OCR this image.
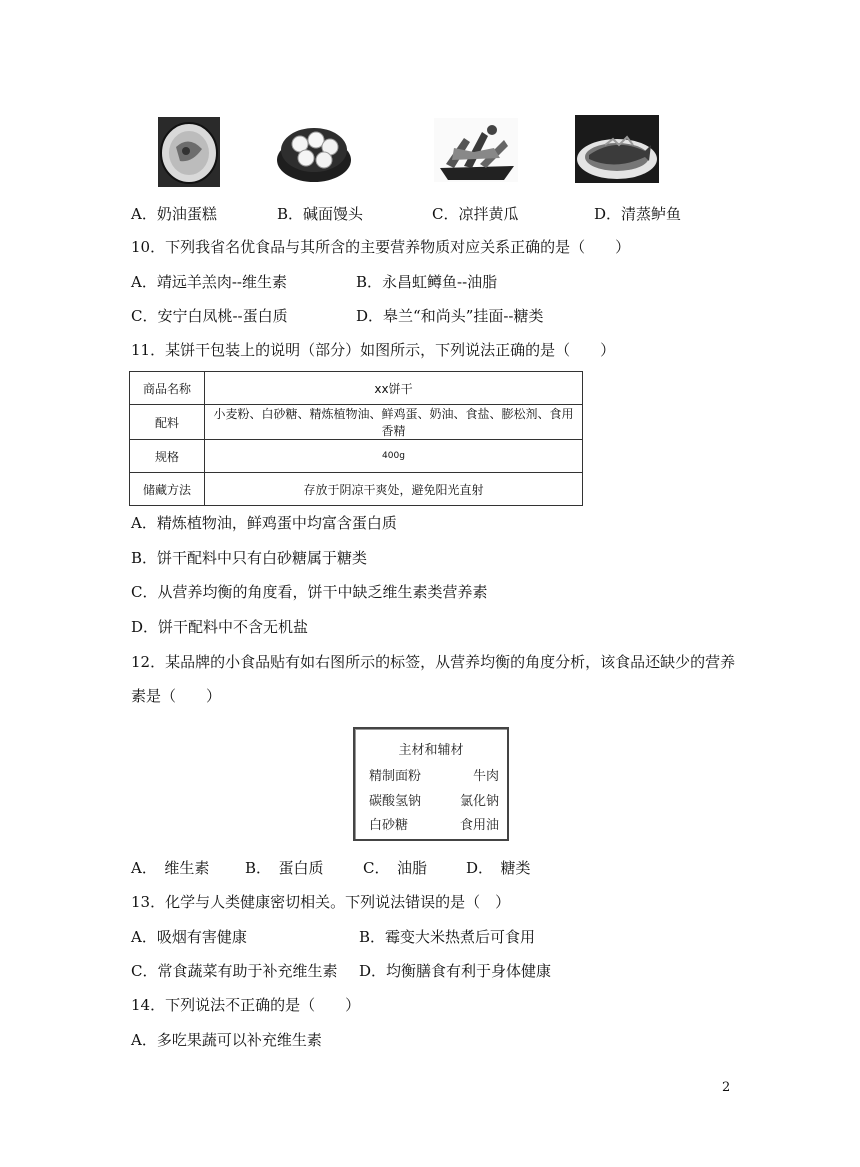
A．奶油蛋糕	B．碱面馒头	C．凉拌黄瓜	D．清蒸鲈鱼
10．下列我省名优食品与其所含的主要营养物质对应关系正确的是（　　）
A．靖远羊羔肉--维生素	B．永昌虹鳟鱼--油脂
C．安宁白凤桃--蛋白质	D．皋兰“和尚头”挂面--糖类
11．某饼干包装上的说明（部分）如图所示，下列说法正确的是（　　）
商品名称	xx饼干
配料	小麦粉、白砂糖、精炼植物油、鲜鸡蛋、奶油、食盐、膨松剂、食用香精
规格	400g
储藏方法	存放于阴凉干爽处，避免阳光直射
A．精炼植物油，鲜鸡蛋中均富含蛋白质
B．饼干配料中只有白砂糖属于糖类
C．从营养均衡的角度看，饼干中缺乏维生素类营养素
D．饼干配料中不含无机盐
12．某品牌的小食品贴有如右图所示的标签，从营养均衡的角度分析，该食品还缺少的营养
素是（　　）
主材和辅材
精制面粉	牛肉
碳酸氢钠	氯化钠
白砂糖	食用油
A．　维生素 B．　蛋白质	C．　油脂	D．　糖类
13．化学与人类健康密切相关。下列说法错误的是（　）
A．吸烟有害健康	B．霉变大米热煮后可食用
C．常食蔬菜有助于补充维生素 D．均衡膳食有利于身体健康
14．下列说法不正确的是（　　）
A．多吃果蔬可以补充维生素
2
